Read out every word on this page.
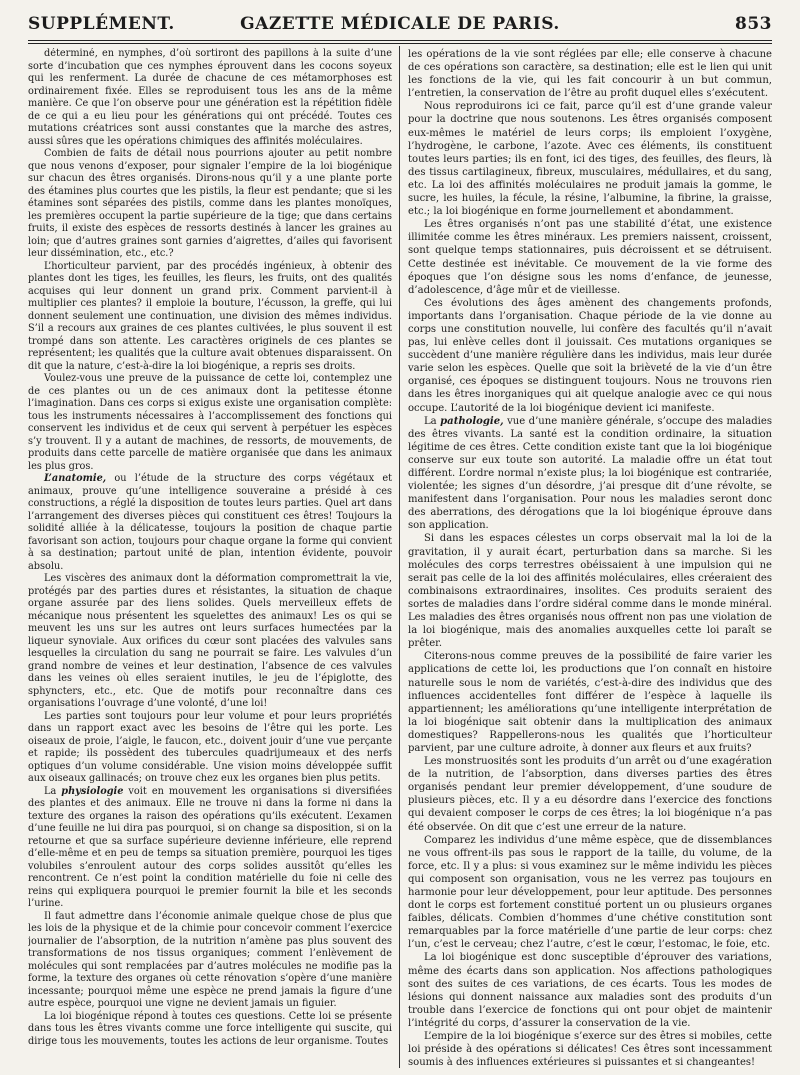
SUPPLÉMENT.	GAZETTE MÉDICALE DE PARIS.	853

déterminé, en nymphes, d’où sortiront des papillons à la suite d’une sorte d’incubation que ces nymphes éprouvent dans les cocons soyeux qui les renferment. La durée de chacune de ces métamorphoses est ordinairement fixée. Elles se reproduisent tous les ans de la même manière. Ce que l’on observe pour une génération est la répétition fidèle de ce qui a eu lieu pour les générations qui ont précédé. Toutes ces mutations créatrices sont aussi constantes que la marche des astres, aussi sûres que les opérations chimiques des affinités moléculaires.

Combien de faits de détail nous pourrions ajouter au petit nombre que nous venons d’exposer, pour signaler l’empire de la loi biogénique sur chacun des êtres organisés. Dirons-nous qu’il y a une plante porte des étamines plus courtes que les pistils, la fleur est pendante; que si les étamines sont séparées des pistils, comme dans les plantes monoïques, les premières occupent la partie supérieure de la tige; que dans certains fruits, il existe des espèces de ressorts destinés à lancer les graines au loin; que d’autres graines sont garnies d’aigrettes, d’ailes qui favorisent leur dissémination, etc., etc.?

L’horticulteur parvient, par des procédés ingénieux, à obtenir des plantes dont les tiges, les feuilles, les fleurs, les fruits, ont des qualités acquises qui leur donnent un grand prix. Comment parvient-il à multiplier ces plantes? il emploie la bouture, l’écusson, la greffe, qui lui donnent seulement une continuation, une division des mêmes individus. S’il a recours aux graines de ces plantes cultivées, le plus souvent il est trompé dans son attente. Les caractères originels de ces plantes se représentent; les qualités que la culture avait obtenues disparaissent. On dit que la nature, c’est-à-dire la loi biogénique, a repris ses droits.

Voulez-vous une preuve de la puissance de cette loi, contemplez une de ces plantes ou un de ces animaux dont la petitesse étonne l’imagination. Dans ces corps si exigus existe une organisation complète: tous les instruments nécessaires à l’accomplissement des fonctions qui conservent les individus et de ceux qui servent à perpétuer les espèces s’y trouvent. Il y a autant de machines, de ressorts, de mouvements, de produits dans cette parcelle de matière organisée que dans les animaux les plus gros.

L’anatomie, ou l’étude de la structure des corps végétaux et animaux, prouve qu’une intelligence souveraine a présidé à ces constructions, a réglé la disposition de toutes leurs parties. Quel art dans l’arrangement des diverses pièces qui constituent ces êtres! Toujours la solidité alliée à la délicatesse, toujours la position de chaque partie favorisant son action, toujours pour chaque organe la forme qui convient à sa destination; partout unité de plan, intention évidente, pouvoir absolu.

Les viscères des animaux dont la déformation compromettrait la vie, protégés par des parties dures et résistantes, la situation de chaque organe assurée par des liens solides. Quels merveilleux effets de mécanique nous présentent les squelettes des animaux! Les os qui se meuvent les uns sur les autres ont leurs surfaces humectées par la liqueur synoviale. Aux orifices du cœur sont placées des valvules sans lesquelles la circulation du sang ne pourrait se faire. Les valvules d’un grand nombre de veines et leur destination, l’absence de ces valvules dans les veines où elles seraient inutiles, le jeu de l’épiglotte, des sphyncters, etc., etc. Que de motifs pour reconnaître dans ces organisations l’ouvrage d’une volonté, d’une loi!

Les parties sont toujours pour leur volume et pour leurs propriétés dans un rapport exact avec les besoins de l’être qui les porte. Les oiseaux de proie, l’aigle, le faucon, etc., doivent jouir d’une vue perçante et rapide; ils possèdent des tubercules quadrijumeaux et des nerfs optiques d’un volume considérable. Une vision moins développée suffit aux oiseaux gallinacés; on trouve chez eux les organes bien plus petits.

La physiologie voit en mouvement les organisations si diversifiées des plantes et des animaux. Elle ne trouve ni dans la forme ni dans la texture des organes la raison des opérations qu’ils exécutent. L’examen d’une feuille ne lui dira pas pourquoi, si on change sa disposition, si on la retourne et que sa surface supérieure devienne inférieure, elle reprend d’elle-même et en peu de temps sa situation première, pourquoi les tiges volubiles s’enroulent autour des corps solides aussitôt qu’elles les rencontrent. Ce n’est point la condition matérielle du foie ni celle des reins qui expliquera pourquoi le premier fournit la bile et les seconds l’urine.

Il faut admettre dans l’économie animale quelque chose de plus que les lois de la physique et de la chimie pour concevoir comment l’exercice journalier de l’absorption, de la nutrition n’amène pas plus souvent des transformations de nos tissus organiques; comment l’enlèvement de molécules qui sont remplacées par d’autres molécules ne modifie pas la forme, la texture des organes où cette rénovation s’opère d’une manière incessante; pourquoi même une espèce ne prend jamais la figure d’une autre espèce, pourquoi une vigne ne devient jamais un figuier.

La loi biogénique répond à toutes ces questions. Cette loi se présente dans tous les êtres vivants comme une force intelligente qui suscite, qui dirige tous les mouvements, toutes les actions de leur organisme. Toutes

les opérations de la vie sont réglées par elle; elle conserve à chacune de ces opérations son caractère, sa destination; elle est le lien qui unit les fonctions de la vie, qui les fait concourir à un but commun, l’entretien, la conservation de l’être au profit duquel elles s’exécutent.

Nous reproduirons ici ce fait, parce qu’il est d’une grande valeur pour la doctrine que nous soutenons. Les êtres organisés composent eux-mêmes le matériel de leurs corps; ils emploient l’oxygène, l’hydrogène, le carbone, l’azote. Avec ces éléments, ils constituent toutes leurs parties; ils en font, ici des tiges, des feuilles, des fleurs, là des tissus cartilagineux, fibreux, musculaires, médullaires, et du sang, etc. La loi des affinités moléculaires ne produit jamais la gomme, le sucre, les huiles, la fécule, la résine, l’albumine, la fibrine, la graisse, etc.; la loi biogénique en forme journellement et abondamment.

Les êtres organisés n’ont pas une stabilité d’état, une existence illimitée comme les êtres minéraux. Les premiers naissent, croissent, sont quelque temps stationnaires, puis décroissent et se détruisent. Cette destinée est inévitable. Ce mouvement de la vie forme des époques que l’on désigne sous les noms d’enfance, de jeunesse, d’adolescence, d’âge mûr et de vieillesse.

Ces évolutions des âges amènent des changements profonds, importants dans l’organisation. Chaque période de la vie donne au corps une constitution nouvelle, lui confère des facultés qu’il n’avait pas, lui enlève celles dont il jouissait. Ces mutations organiques se succèdent d’une manière régulière dans les individus, mais leur durée varie selon les espèces. Quelle que soit la brièveté de la vie d’un être organisé, ces époques se distinguent toujours. Nous ne trouvons rien dans les êtres inorganiques qui ait quelque analogie avec ce qui nous occupe. L’autorité de la loi biogénique devient ici manifeste.

La pathologie, vue d’une manière générale, s’occupe des maladies des êtres vivants. La santé est la condition ordinaire, la situation légitime de ces êtres. Cette condition existe tant que la loi biogénique conserve sur eux toute son autorité. La maladie offre un état tout différent. L’ordre normal n’existe plus; la loi biogénique est contrariée, violentée; les signes d’un désordre, j’ai presque dit d’une révolte, se manifestent dans l’organisation. Pour nous les maladies seront donc des aberrations, des dérogations que la loi biogénique éprouve dans son application.

Si dans les espaces célestes un corps observait mal la loi de la gravitation, il y aurait écart, perturbation dans sa marche. Si les molécules des corps terrestres obéissaient à une impulsion qui ne serait pas celle de la loi des affinités moléculaires, elles créeraient des combinaisons extraordinaires, insolites. Ces produits seraient des sortes de maladies dans l’ordre sidéral comme dans le monde minéral. Les maladies des êtres organisés nous offrent non pas une violation de la loi biogénique, mais des anomalies auxquelles cette loi paraît se prêter.

Citerons-nous comme preuves de la possibilité de faire varier les applications de cette loi, les productions que l’on connaît en histoire naturelle sous le nom de variétés, c’est-à-dire des individus que des influences accidentelles font différer de l’espèce à laquelle ils appartiennent; les améliorations qu’une intelligente interprétation de la loi biogénique sait obtenir dans la multiplication des animaux domestiques? Rappellerons-nous les qualités que l’horticulteur parvient, par une culture adroite, à donner aux fleurs et aux fruits?

Les monstruosités sont les produits d’un arrêt ou d’une exagération de la nutrition, de l’absorption, dans diverses parties des êtres organisés pendant leur premier développement, d’une soudure de plusieurs pièces, etc. Il y a eu désordre dans l’exercice des fonctions qui devaient composer le corps de ces êtres; la loi biogénique n’a pas été observée. On dit que c’est une erreur de la nature.

Comparez les individus d’une même espèce, que de dissemblances ne vous offrent-ils pas sous le rapport de la taille, du volume, de la force, etc. Il y a plus: si vous examinez sur le même individu les pièces qui composent son organisation, vous ne les verrez pas toujours en harmonie pour leur développement, pour leur aptitude. Des personnes dont le corps est fortement constitué portent un ou plusieurs organes faibles, délicats. Combien d’hommes d’une chétive constitution sont remarquables par la force matérielle d’une partie de leur corps: chez l’un, c’est le cerveau; chez l’autre, c’est le cœur, l’estomac, le foie, etc.

La loi biogénique est donc susceptible d’éprouver des variations, même des écarts dans son application. Nos affections pathologiques sont des suites de ces variations, de ces écarts. Tous les modes de lésions qui donnent naissance aux maladies sont des produits d’un trouble dans l’exercice de fonctions qui ont pour objet de maintenir l’intégrité du corps, d’assurer la conservation de la vie.

L’empire de la loi biogénique s’exerce sur des êtres si mobiles, cette loi préside à des opérations si délicates! Ces êtres sont incessamment soumis à des influences extérieures si puissantes et si changeantes!
